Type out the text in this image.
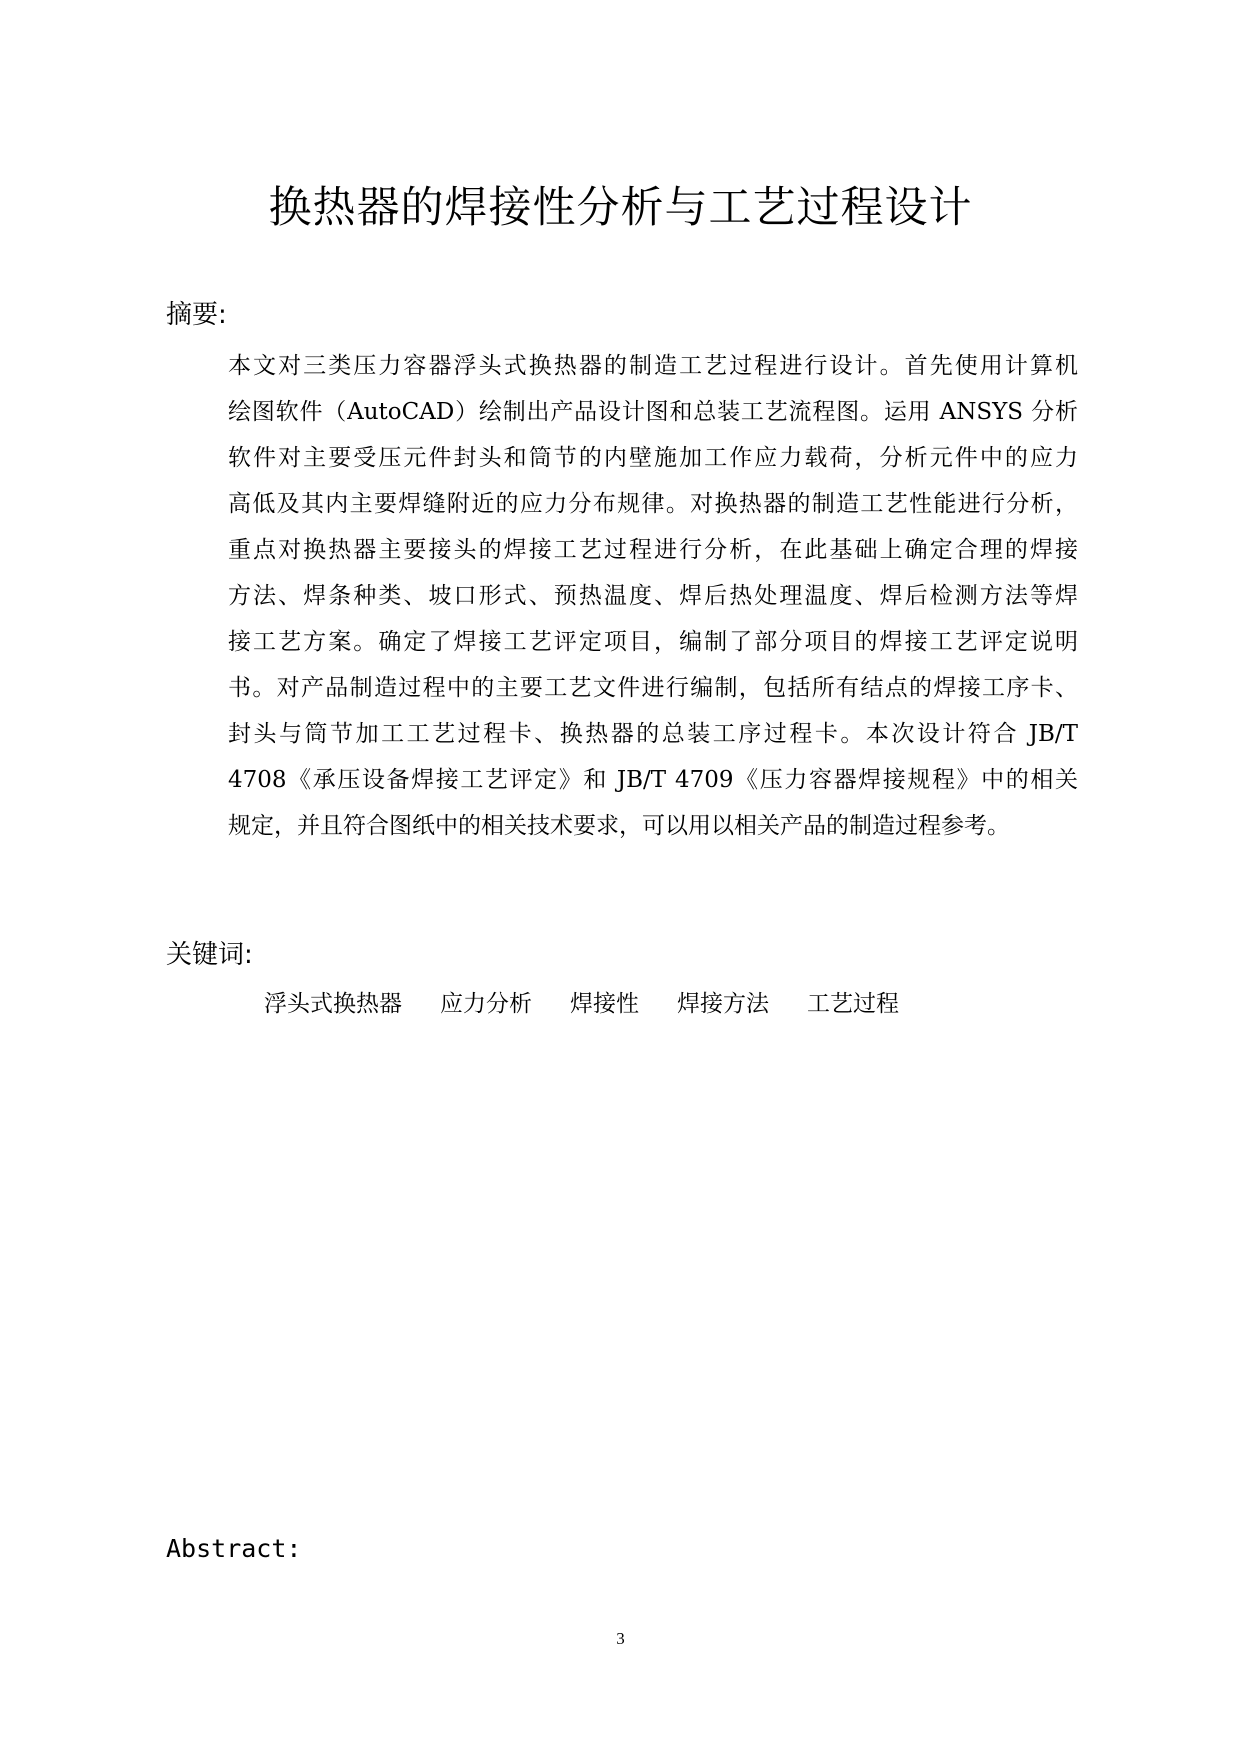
换热器的焊接性分析与工艺过程设计
摘要:
本文对三类压力容器浮头式换热器的制造工艺过程进行设计。首先使用计算机
绘图软件（AutoCAD）绘制出产品设计图和总装工艺流程图。运用 ANSYS 分析
软件对主要受压元件封头和筒节的内壁施加工作应力载荷，分析元件中的应力
高低及其内主要焊缝附近的应力分布规律。对换热器的制造工艺性能进行分析，
重点对换热器主要接头的焊接工艺过程进行分析，在此基础上确定合理的焊接
方法、焊条种类、坡口形式、预热温度、焊后热处理温度、焊后检测方法等焊
接工艺方案。确定了焊接工艺评定项目，编制了部分项目的焊接工艺评定说明
书。对产品制造过程中的主要工艺文件进行编制，包括所有结点的焊接工序卡、
封头与筒节加工工艺过程卡、换热器的总装工序过程卡。本次设计符合 JB/T
4708《承压设备焊接工艺评定》和 JB/T 4709《压力容器焊接规程》中的相关
规定，并且符合图纸中的相关技术要求，可以用以相关产品的制造过程参考。
关键词:
浮头式换热器 应力分析 焊接性 焊接方法 工艺过程
Abstract:
3
